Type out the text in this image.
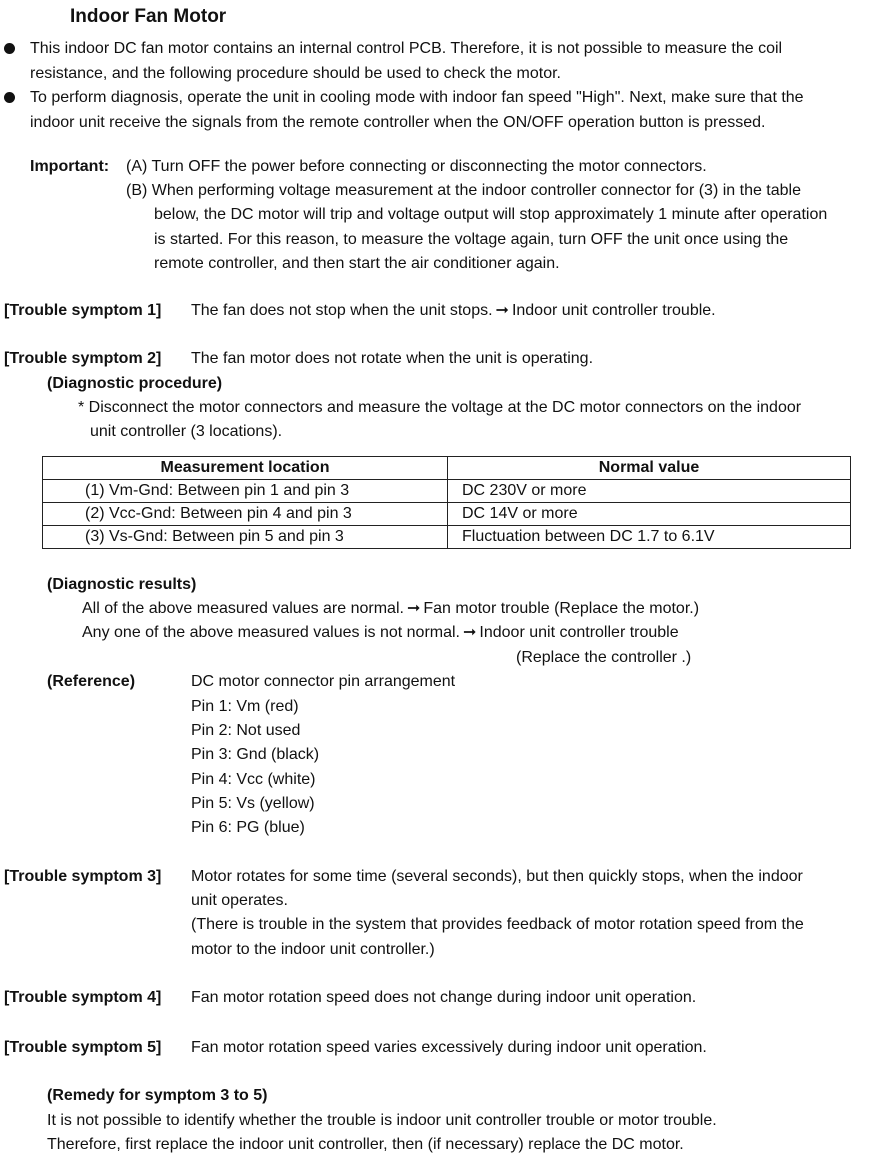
Indoor Fan Motor
This indoor DC fan motor contains an internal control PCB. Therefore, it is not possible to measure the coil
resistance, and the following procedure should be used to check the motor.
To perform diagnosis, operate the unit in cooling mode with indoor fan speed "High". Next, make sure that the
indoor unit receive the signals from the remote controller when the ON/OFF operation button is pressed.
Important: (A) Turn OFF the power before connecting or disconnecting the motor connectors.
(B) When performing voltage measurement at the indoor controller connector for (3) in the table
below, the DC motor will trip and voltage output will stop approximately 1 minute after operation
is started. For this reason, to measure the voltage again, turn OFF the unit once using the
remote controller, and then start the air conditioner again.
[Trouble symptom 1] The fan does not stop when the unit stops. ➞ Indoor unit controller trouble.
[Trouble symptom 2] The fan motor does not rotate when the unit is operating.
(Diagnostic procedure)
* Disconnect the motor connectors and measure the voltage at the DC motor connectors on the indoor
unit controller (3 locations).
Measurement location	Normal value
(1) Vm-Gnd: Between pin 1 and pin 3	DC 230V or more
(2) Vcc-Gnd: Between pin 4 and pin 3	DC 14V or more
(3) Vs-Gnd: Between pin 5 and pin 3	Fluctuation between DC 1.7 to 6.1V
(Diagnostic results)
All of the above measured values are normal. ➞ Fan motor trouble (Replace the motor.)
Any one of the above measured values is not normal. ➞ Indoor unit controller trouble
(Replace the controller .)
(Reference)	DC motor connector pin arrangement
Pin 1: Vm (red)
Pin 2: Not used
Pin 3: Gnd (black)
Pin 4: Vcc (white)
Pin 5: Vs (yellow)
Pin 6: PG (blue)
[Trouble symptom 3] Motor rotates for some time (several seconds), but then quickly stops, when the indoor
unit operates.
(There is trouble in the system that provides feedback of motor rotation speed from the
motor to the indoor unit controller.)
[Trouble symptom 4] Fan motor rotation speed does not change during indoor unit operation.
[Trouble symptom 5] Fan motor rotation speed varies excessively during indoor unit operation.
(Remedy for symptom 3 to 5)
It is not possible to identify whether the trouble is indoor unit controller trouble or motor trouble.
Therefore, first replace the indoor unit controller, then (if necessary) replace the DC motor.
